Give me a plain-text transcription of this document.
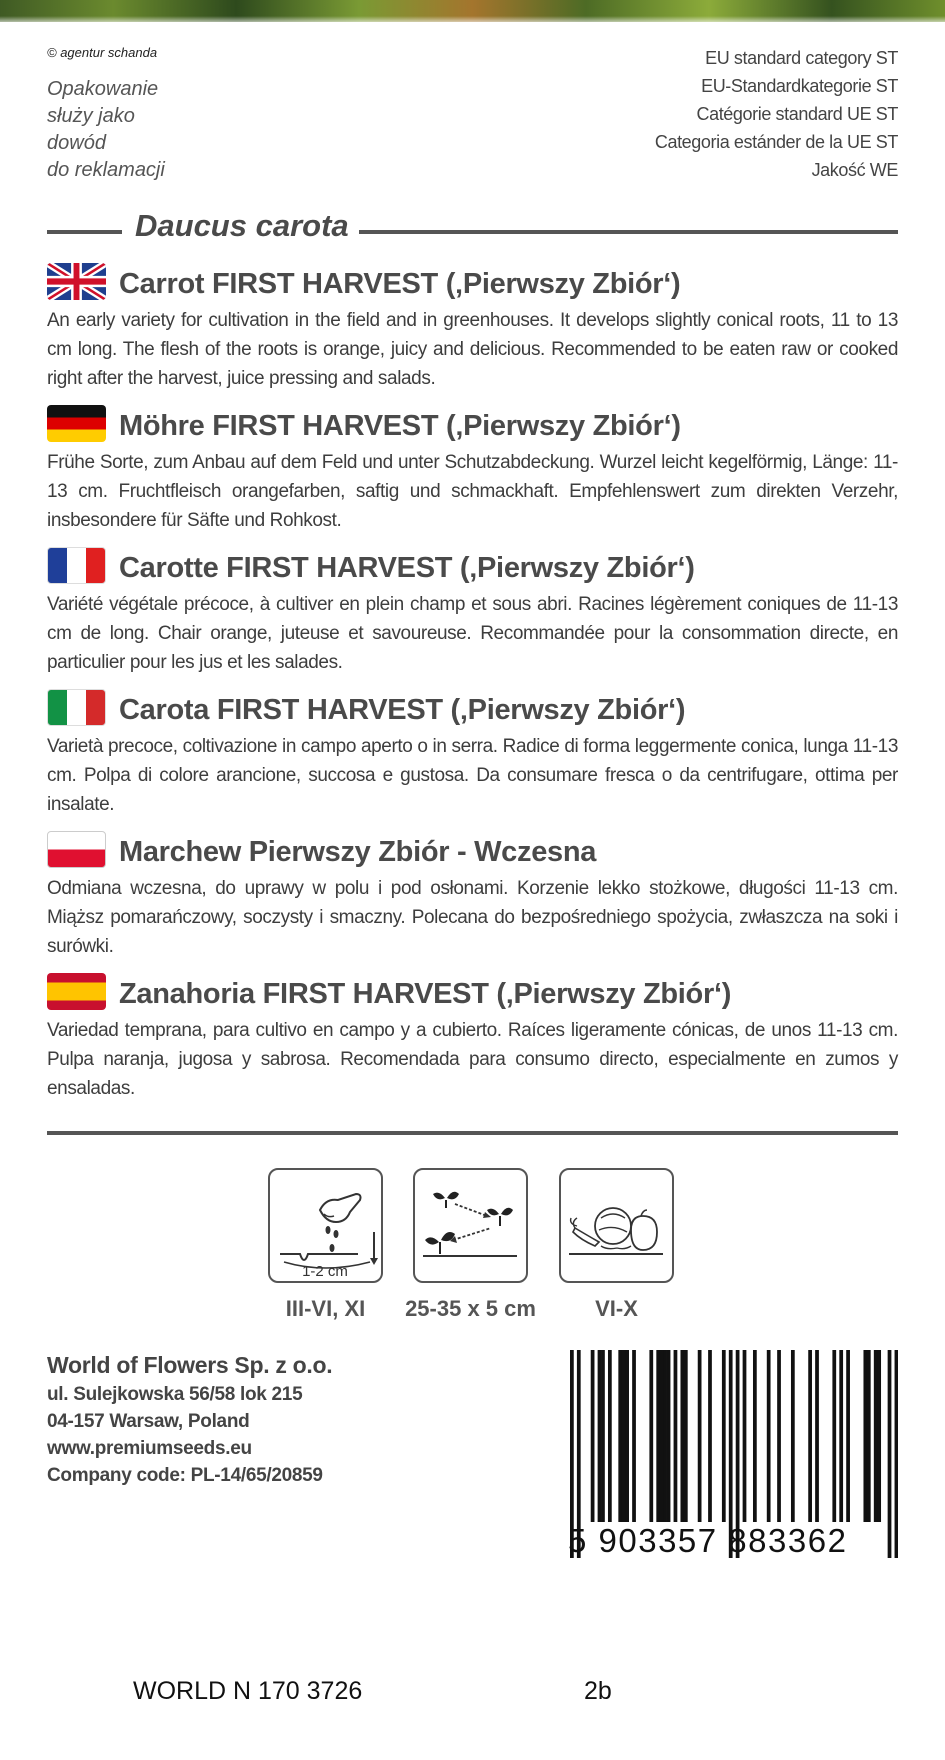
© agentur schanda
Opakowanie
służy jako
dowód
do reklamacji
EU standard category ST
EU-Standardkategorie ST
Catégorie standard UE ST
Categoria estánder de la UE ST
Jakość WE
Daucus carota
Carrot FIRST HARVEST (‚Pierwszy Zbiór‘)
An early variety for cultivation in the field and in greenhouses. It develops slightly conical roots, 11 to 13 cm long. The flesh of the roots is orange, juicy and delicious. Recommended to be eaten raw or cooked right after the harvest, juice pressing and salads.
Möhre FIRST HARVEST (‚Pierwszy Zbiór‘)
Frühe Sorte, zum Anbau auf dem Feld und unter Schutzabdeckung. Wurzel leicht kegelförmig, Länge: 11-13 cm. Fruchtfleisch orangefarben, saftig und schmackhaft. Empfehlenswert zum direkten Verzehr, insbesondere für Säfte und Rohkost.
Carotte FIRST HARVEST (‚Pierwszy Zbiór‘)
Variété végétale précoce, à cultiver en plein champ et sous abri. Racines légèrement coniques de 11-13 cm de long. Chair orange, juteuse et savoureuse. Recommandée pour la consommation directe, en particulier pour les jus et les salades.
Carota FIRST HARVEST (‚Pierwszy Zbiór‘)
Varietà precoce, coltivazione in campo aperto o in serra. Radice di forma leggermente conica, lunga 11-13 cm. Polpa di colore arancione, succosa e gustosa. Da consumare fresca o da centrifugare, ottima per insalate.
Marchew Pierwszy Zbiór - Wczesna
Odmiana wczesna, do uprawy w polu i pod osłonami. Korzenie lekko stożkowe, długości 11-13 cm. Miąższ pomarańczowy, soczysty i smaczny. Polecana do bezpośredniego spożycia, zwłaszcza na soki i surówki.
Zanahoria FIRST HARVEST (‚Pierwszy Zbiór‘)
Variedad temprana, para cultivo en campo y a cubierto. Raíces ligeramente cónicas, de unos 11-13 cm. Pulpa naranja, jugosa y sabrosa. Recomendada para consumo directo, especialmente en zumos y ensaladas.
1-2 cm
III-VI, XI	25-35 x 5 cm	VI-X
World of Flowers Sp. z o.o.
ul. Sulejkowska 56/58 lok 215
04-157 Warsaw, Poland
www.premiumseeds.eu
Company code: PL-14/65/20859
5 903357 883362
WORLD N 170 3726	2b
